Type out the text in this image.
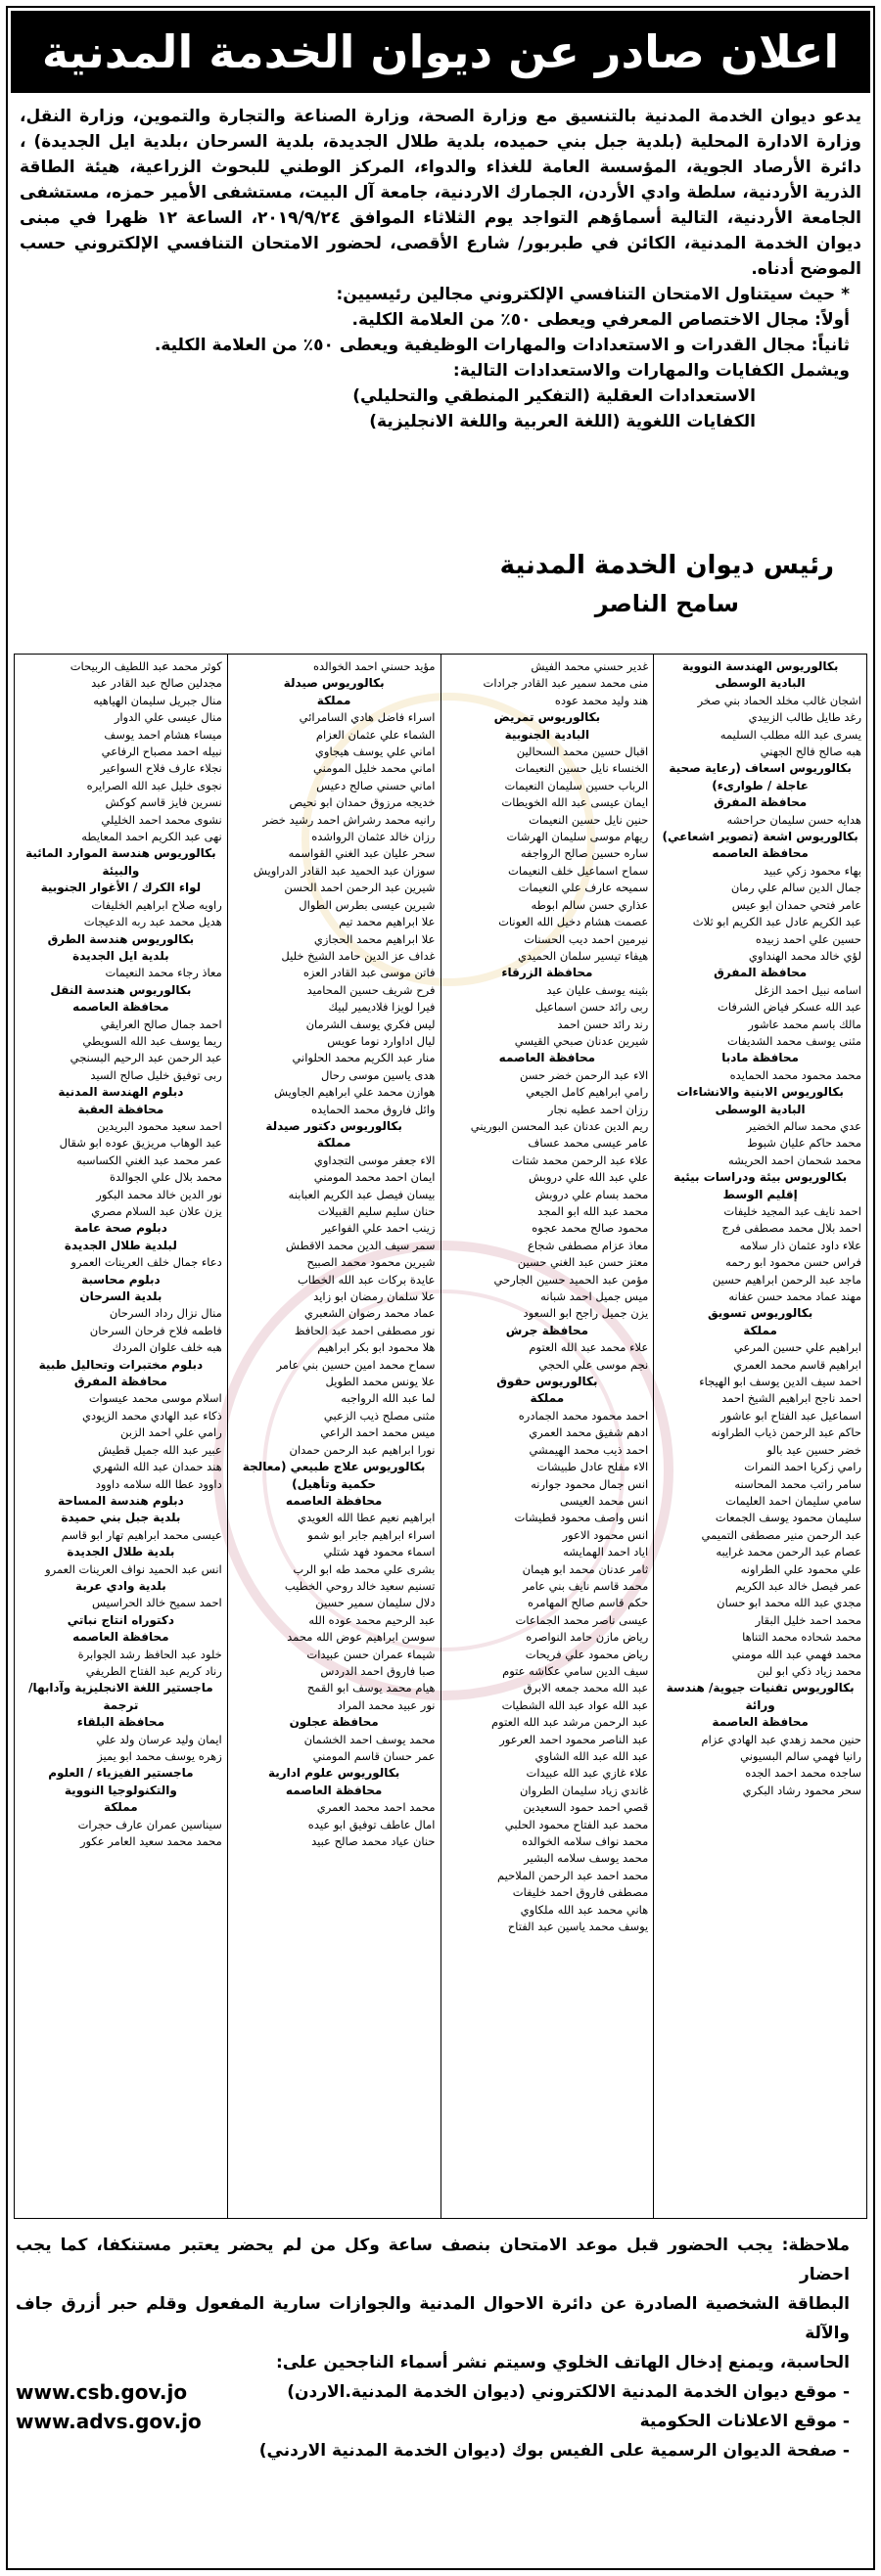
اعلان صادر عن ديوان الخدمة المدنية
يدعو ديوان الخدمة المدنية بالتنسيق مع وزارة الصحة، وزارة الصناعة والتجارة والتموين، وزارة النقل، وزارة الادارة المحلية (بلدية جبل بني حميده، بلدية طلال الجديدة، بلدية السرحان ،بلدية ايل الجديدة) ، دائرة الأرصاد الجوية، المؤسسة العامة للغذاء والدواء، المركز الوطني للبحوث الزراعية، هيئة الطاقة الذرية الأردنية، سلطة وادي الأردن، الجمارك الاردنية، جامعة آل البيت، مستشفى الأمير حمزه، مستشفى الجامعة الأردنية، التالية أسماؤهم التواجد يوم الثلاثاء الموافق ٢٠١٩/٩/٢٤، الساعة ١٢ ظهرا في مبنى ديوان الخدمة المدنية، الكائن في طبربور/ شارع الأقصى، لحضور الامتحان التنافسي الإلكتروني حسب الموضح أدناه.
* حيث سيتناول الامتحان التنافسي الإلكتروني مجالين رئيسيين:
أولاً: مجال الاختصاص المعرفي ويعطى ٥٠٪ من العلامة الكلية.
ثانياً: مجال القدرات و الاستعدادات والمهارات الوظيفية ويعطى ٥٠٪ من العلامة الكلية.
ويشمل الكفايات والمهارات والاستعدادات التالية:
الاستعدادات العقلية (التفكير المنطقي والتحليلي)
الكفايات اللغوية (اللغة العربية واللغة الانجليزية)
رئيس ديوان الخدمة المدنية
سامح الناصر
بكالوريوس الهندسة النووية
البادية الوسطى
اشجان غالب مخلد الحماد بني صخر
رغد طايل طالب الزبيدي
يسرى عبد الله مطلب السليمه
هبه صالح فالح الجهني
بكالوريوس اسعاف (رعاية صحية عاجلة / طوارىء)
محافظة المفرق
هدايه حسن سليمان حراحشه
بكالوريوس اشعة (تصوير اشعاعي)
محافظة العاصمه
بهاء محمود زكي عبيد
جمال الدين سالم علي رمان
عامر فتحي حمدان ابو عيس
عبد الكريم عادل عبد الكريم ابو ثلاث
حسين علي احمد زبيده
لؤي خالد محمد الهنداوي
محافظة المفرق
اسامه نبيل احمد الزغل
عبد الله عسكر فياض الشرفات
مالك باسم محمد عاشور
مثنى يوسف محمد الشديفات
محافظة مادبا
محمد محمود محمد الحمايده
بكالوريوس الابنية والانشاءات
البادية الوسطى
عدي محمد سالم الخضير
محمد حاكم عليان شبوط
محمد شحمان احمد الحريشه
بكالوريوس بيئة ودراسات بيئية
إقليم الوسط
احمد نايف عبد المجيد خليفات
احمد بلال محمد مصطفى فرج
علاء داود عثمان ذار سلامه
فراس حسن محمود ابو رحمه
ماجد عبد الرحمن ابراهيم حسين
مهند عماد محمد حسن عفانه
بكالوريوس تسويق
مملكة
ابراهيم علي حسين المرعي
ابراهيم قاسم محمد العمري
احمد سيف الدين يوسف ابو الهيجاء
احمد ناجح ابراهيم الشيخ احمد
اسماعيل عبد الفتاح ابو عاشور
حاكم عبد الرحمن ذياب الطراونه
خضر حسين عيد بالو
رامي زكريا احمد النمرات
سامر راتب محمد المحاسنه
سامي سليمان احمد العليمات
سليمان محمود يوسف الجمعات
عبد الرحمن منير مصطفى التميمي
عصام عبد الرحمن محمد غرايبه
علي محمود علي الطراونه
عمر فيصل خالد عبد الكريم
مجدي عبد الله محمد ابو حسان
محمد احمد خليل البقار
محمد شحاده محمد التناها
محمد فهمي عبد الله مومني
محمد زياد ذكي ابو لبن
بكالوريوس تقنيات جيوية/ هندسة ورائة
محافظة العاصمة
حنين محمد زهدي عبد الهادي عزام
رانيا فهمي سالم البسيوني
ساجده محمد احمد الجده
سحر محمود رشاد البكري
غدير حسني محمد الفيش
منى محمد سمير عبد القادر جرادات
هند وليد محمد عوده
بكالوريوس تمريض
البادية الجنوبية
اقبال حسين محمد السحالين
الخنساء نايل حسين النعيمات
الرباب حسين سليمان النعيمات
ايمان عيسى عبد الله الخويطات
حنين نايل حسين النعيمات
ريهام موسى سليمان الهرشات
ساره حسين صالح الرواجفه
سماح اسماعيل خلف النعيمات
سميحه عارف علي النعيمات
عذاري حسن سالم ابوطه
عصمت هشام دخيل الله العونات
نيرمين احمد ديب الحسنات
هيفاء تيسير سلمان الحميدي
محافظة الزرقاء
بثينه يوسف عليان عيد
ربى رائد حسن اسماعيل
رند رائد حسن احمد
شيرين عدنان صبحي القيسي
محافظة العاصمه
الاء عبد الرحمن خضر حسن
رامي ابراهيم كامل الجيعي
رزان احمد عطيه نجار
ريم الدين عدنان عبد المحسن البوريني
عامر عيسى محمد عساف
علاء عبد الرحمن محمد شتات
علي عبد الله علي دروبش
محمد بسام علي دروبش
محمد عبد الله ابو المجد
محمود صالح محمد عجوه
معاذ عزام مصطفى شجاع
معتز حسن عبد الغني حسين
مؤمن عبد الحميد حسين الجارحي
ميس جميل احمد شبانه
يزن جميل راجح ابو السعود
محافظة جرش
علاء محمد عبد الله العتوم
نجم موسى علي الحجي
بكالوريوس حقوق
مملكة
احمد محمود محمد الجمادره
ادهم شفيق محمد العمري
احمد ذيب محمد الهيمشي
الاء مفلح عادل طبيشات
انس جمال محمود جوارنه
انس محمد العيسى
انس واصف محمود قطيشات
انس محمود الاعور
اياد احمد الهمايشه
ثامر عدنان محمد ابو هيمان
محمد قاسم نايف بني عامر
حكم قاسم صالح المهامره
عيسى ناصر محمد الجماعات
رياض مازن حامد النواصره
رياض محمود علي فريحات
سيف الدين سامي عكاشه عتوم
عبد الله محمد جمعه الابرق
عبد الله عواد عبد الله الشطيات
عبد الرحمن مرشد عبد الله العتوم
عبد الناصر محمود احمد العرعور
عبد الله عبد الله الشاوي
علاء غازي عبد الله عبيدات
غاندي زياد سليمان الطروان
قصي احمد حمود السعيدين
محمد عبد الفتاح محمود الحلبي
محمد نواف سلامه الخوالده
محمد يوسف سلامه البشير
محمد احمد عبد الرحمن الملاحيم
مصطفى فاروق احمد خليفات
هاني محمد عبد الله ملكاوي
يوسف محمد ياسين عبد الفتاح
مؤيد حسني احمد الخوالده
بكالوريوس صيدلة
مملكة
اسراء فاضل هادي السامرائي
الشماء علي عثمان العزام
اماني علي يوسف هيجاوي
اماني محمد خليل المومني
اماني حسني صالح دعيس
خديجه مرزوق حمدان ابو نحيص
رانيه محمد رشراش احمد رشيد خضر
رزان خالد عثمان الرواشده
سحر عليان عبد الغني القواسمه
سوزان عبد الحميد عبد القادر الدراويش
شيرين عبد الرحمن احمد الحسن
شيرين عيسى بطرس الطوال
علا ابراهيم محمد تيم
علا ابراهيم محمد الحجازي
غداف عز الدين حامد الشيخ خليل
فاتن موسى عبد القادر العزه
فرح شريف حسين المحاميد
فيرا لويزا فلاديمير لبيك
ليس فكري يوسف الشرمان
ليال اداوارد نوما عويس
منار عبد الكريم محمد الحلواني
هدى ياسين موسى رحال
هوازن محمد علي ابراهيم الجاويش
وائل فاروق محمد الحمايده
بكالوريوس دكتور صيدلة
مملكة
الاء جعفر موسى التجداوي
ايمان احمد محمد المومني
بيسان فيصل عبد الكريم العبابنه
حنان سليم سليم القبيلات
زينب احمد علي الفواعير
سمر سيف الدين محمد الاقطش
شيرين محمود محمد الصبيح
عايدة بركات عبد الله الخطاب
علا سلمان رمضان ابو زايد
عماد محمد رضوان الشعبري
نور مصطفى احمد عبد الحافظ
هلا محمود ابو بكر ابراهيم
سماح محمد امين حسين بني عامر
علا يونس محمد الطويل
لما عبد الله الرواجبه
مثنى مصلح ذيب الزعبي
ميس محمد احمد الراعي
نورا ابراهيم عبد الرحمن حمدان
بكالوريوس علاج طبيعي (معالجة حكمية وتأهيل)
محافظة العاصمه
ابراهيم نعيم عطا الله العويدي
اسراء ابراهيم جابر ابو شمو
اسماء محمود فهد شتلي
بشرى علي محمد طه ابو الرب
تسنيم سعيد خالد روحي الخطيب
دلال سليمان سمير حسين
عبد الرحيم محمد عوده الله
سوسن ابراهيم عوض الله محمد
شيماء عمران حسن عبيدات
صبا فاروق احمد الدردس
هيام محمد يوسف ابو القمح
نور عبيد محمد المراد
محافظة عجلون
محمد يوسف احمد الخشمان
عمر حسان قاسم المومني
بكالوريوس علوم ادارية
محافظة العاصمه
محمد احمد محمد العمري
امال عاطف توفيق ابو عيده
حنان عياد محمد صالح عبيد
كوثر محمد عبد اللطيف الربيحات
مجدلين صالح عبد القادر عبد
منال جبريل سليمان الهياهيه
منال عيسى علي الدوار
ميساء هشام احمد يوسف
نبيله احمد مصباح الرفاعي
نجلاء عارف فلاح السواعير
نجوى خليل عبد الله الصرايره
نسرين فايز قاسم كوكش
نشوى محمد احمد الخليلي
نهى عبد الكريم احمد المعايطه
بكالوريوس هندسة الموارد المائية والبيئة
لواء الكرك / الأغوار الجنوبية
راويه صلاح ابراهيم الخليفات
هديل محمد عبد ربه الدعيجات
بكالوريوس هندسة الطرق
بلدية ايل الجديدة
معاذ رجاء محمد النعيمات
بكالوريوس هندسة النقل
محافظة العاصمه
احمد جمال صالح العرايقي
ريما يوسف عبد الله السويطي
عبد الرحمن عبد الرحيم البسنجي
ربى توفيق خليل صالح السيد
دبلوم الهندسة المدنية
محافظة العقبة
احمد سعيد محمود البريدين
عبد الوهاب مريزيق عوده ابو شقال
عمر محمد عبد الغني الكساسبه
محمد بلال علي الجوالدة
نور الدين خالد محمد البكور
يزن علان عبد السلام مصري
دبلوم صحة عامة
لبلدية طلال الجديدة
دعاء جمال خلف العرينات العمرو
دبلوم محاسبة
بلدية السرحان
منال نزال رداد السرحان
فاطمه فلاح فرحان السرحان
هبه خلف علوان المردك
دبلوم مختبرات وتحاليل طبية
محافظة المفرق
اسلام موسى محمد عيسوات
ذكاء عبد الهادي محمد الزيودي
رامي علي احمد الزبن
عبير عبد الله جميل قطيش
هند حمدان عبد الله الشهري
داوود عطا الله سلامه داوود
دبلوم هندسة المساحة
بلدية جبل بني حميدة
عيسى محمد ابراهيم تهار ابو قاسم
بلدية طلال الجديدة
انس عبد الحميد نواف العرينات العمرو
بلدية وادي عربة
احمد سميح خالد الحراسيس
دكتوراه انتاج نباتي
محافظة العاصمه
خلود عبد الحافظ رشد الجوابرة
رناد كريم عبد الفتاح الطريفي
ماجستير اللغة الانجليزية وآدابها/ ترجمة
محافظة البلقاء
ايمان وليد عرسان ولد علي
زهره يوسف محمد ابو يميز
ماجستير الفيزياء / العلوم والتكنولوجيا النووية
مملكة
سيناسين عمران عارف حجرات
محمد محمد سعيد العامر عكور
ملاحظة: يجب الحضور قبل موعد الامتحان بنصف ساعة وكل من لم يحضر يعتبر مستنكفا، كما يجب احضار
البطاقة الشخصية الصادرة عن دائرة الاحوال المدنية والجوازات سارية المفعول وقلم حبر أزرق جاف والآلة
الحاسبة، ويمنع إدخال الهاتف الخلوي وسيتم نشر أسماء الناجحين على:
- موقع ديوان الخدمة المدنية الالكتروني (ديوان الخدمة المدنية.الاردن)
www.csb.gov.jo
- موقع الاعلانات الحكومية
www.advs.gov.jo
- صفحة الديوان الرسمية على الفيس بوك (ديوان الخدمة المدنية الاردني)
